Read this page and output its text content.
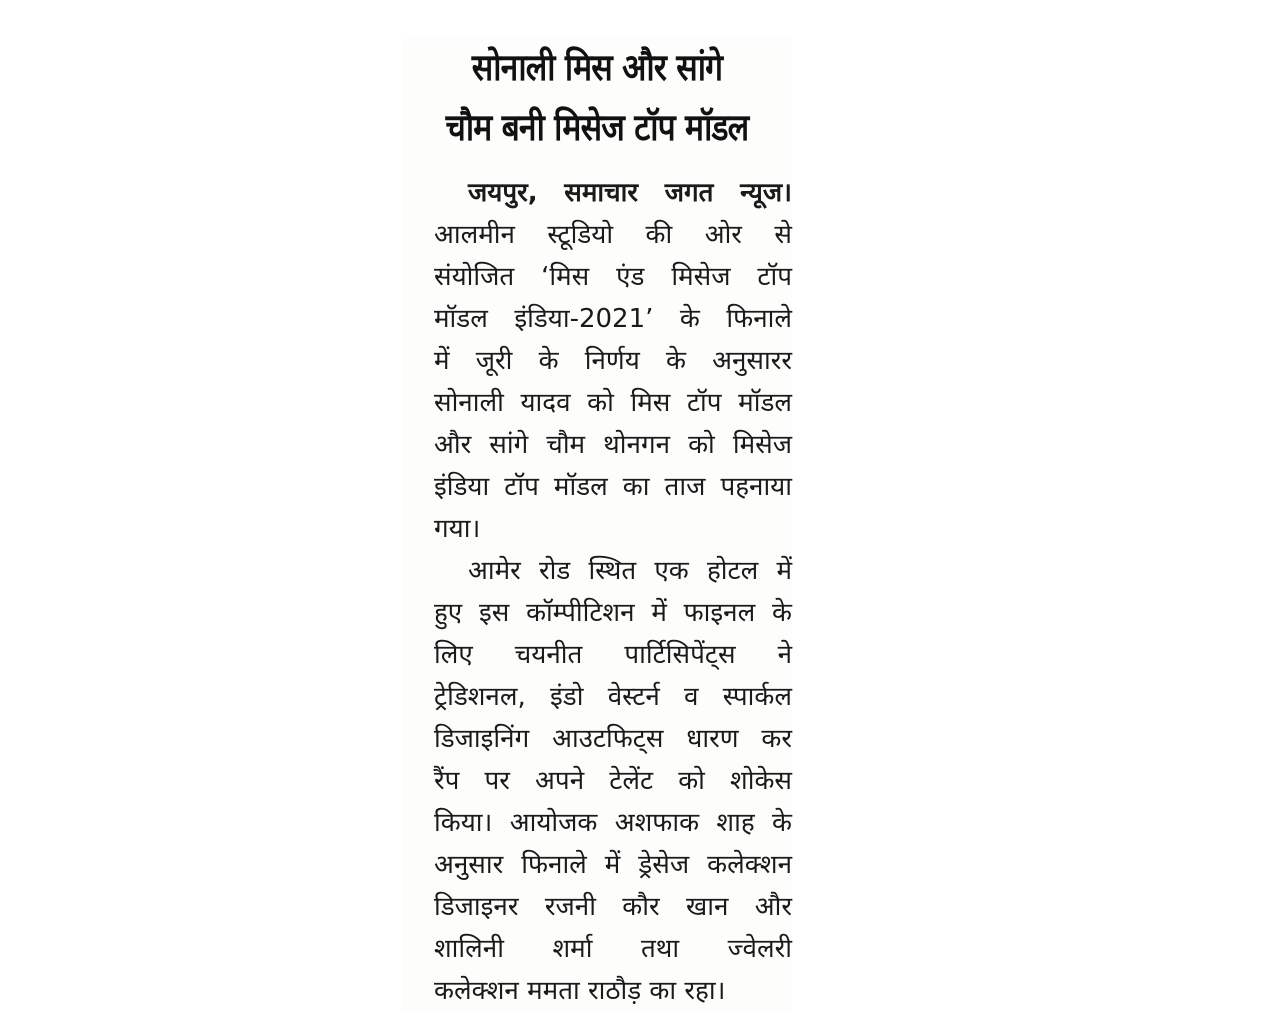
सोनाली मिस और सांगे
चौम बनी मिसेज टॉप मॉडल
जयपुर, समाचार जगत न्यूज।
आलमीन स्टूडियो की ओर से
संयोजित ‘मिस एंड मिसेज टॉप
मॉडल इंडिया-2021’ के फिनाले
में जूरी के निर्णय के अनुसारर
सोनाली यादव को मिस टॉप मॉडल
और सांगे चौम थोनगन को मिसेज
इंडिया टॉप मॉडल का ताज पहनाया
गया।
आमेर रोड स्थित एक होटल में
हुए इस कॉम्पीटिशन में फाइनल के
लिए चयनीत पार्टिसिपेंट्स ने
ट्रेडिशनल, इंडो वेस्टर्न व स्पार्कल
डिजाइनिंग आउटफिट्स धारण कर
रैंप पर अपने टेलेंट को शोकेस
किया। आयोजक अशफाक शाह के
अनुसार फिनाले में ड्रेसेज कलेक्शन
डिजाइनर रजनी कौर खान और
शालिनी शर्मा तथा ज्वेलरी
कलेक्शन ममता राठौड़ का रहा।
